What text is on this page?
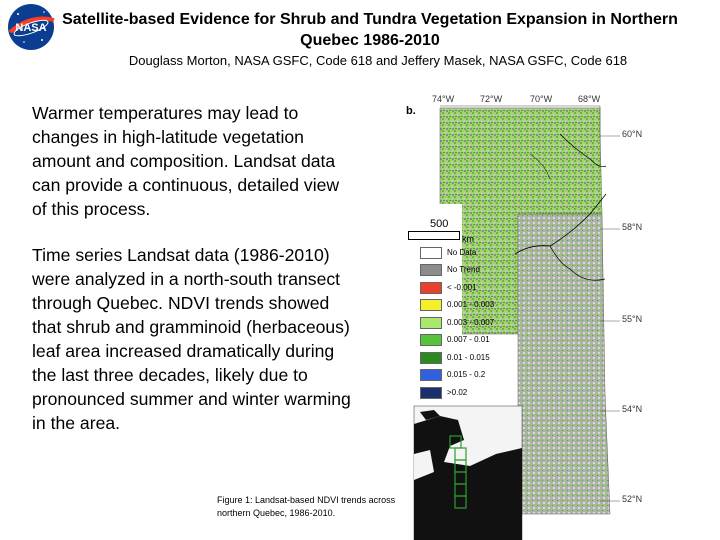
NASA Satellite-based Evidence for Shrub and Tundra Vegetation Expansion in Northern Quebec 1986-2010
Douglass Morton, NASA GSFC, Code 618 and Jeffery Masek, NASA GSFC, Code 618

Warmer temperatures may lead to changes in high-latitude vegetation amount and composition. Landsat data can provide a continuous, detailed view of this process.

Time series Landsat data (1986-2010) were analyzed in a north-south transect through Quebec. NDVI trends showed that shrub and gramminoid (herbaceous) leaf area increased dramatically during the last three decades, likely due to pronounced summer and winter warming in the area.

Figure 1: Landsat-based NDVI trends across northern Quebec, 1986-2010.
b.
74°W	72°W	70°W	68°W
60°N
58°N
55°N
54°N
52°N
500
km
No Data
No Trend
< -0.001
0.001 - 0.003
0.003 - 0.007
0.007 - 0.01
0.01 - 0.015
0.015 - 0.2
>0.02
